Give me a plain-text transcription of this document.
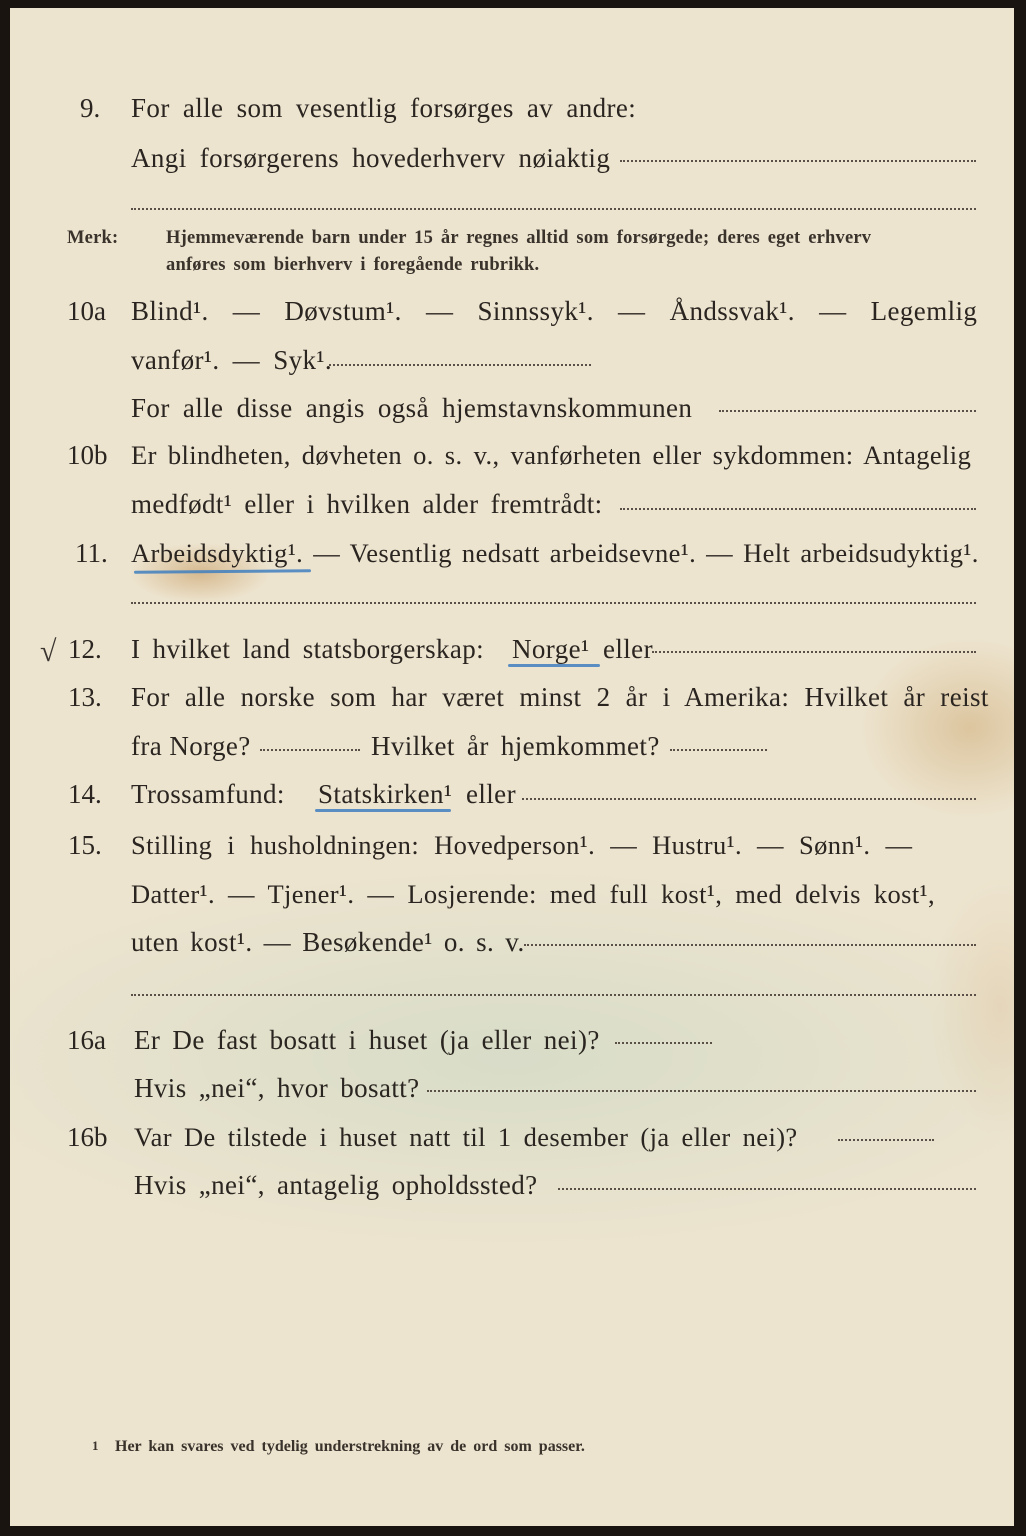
9. For alle som vesentlig forsørges av andre:
Angi forsørgerens hovederhverv nøiaktig
Merk:	Hjemmeværende barn under 15 år regnes alltid som forsørgede; deres eget erhverv
anføres som bierhverv i foregående rubrikk.
10a Blind¹. — Døvstum¹. — Sinnssyk¹. — Åndssvak¹. — Legemlig
vanfør¹. — Syk¹.
For alle disse angis også hjemstavnskommunen
10b Er blindheten, døvheten o. s. v., vanførheten eller sykdommen: Antagelig
medfødt¹ eller i hvilken alder fremtrådt:
11. Arbeidsdyktig¹. — Vesentlig nedsatt arbeidsevne¹. — Helt arbeidsudyktig¹.
√ 12. I hvilket land statsborgerskap: Norge¹ eller
13. For alle norske som har været minst 2 år i Amerika: Hvilket år reist
fra Norge?	Hvilket år hjemkommet?
14. Trossamfund: Statskirken¹ eller
15. Stilling i husholdningen: Hovedperson¹. — Hustru¹. — Sønn¹. —
Datter¹. — Tjener¹. — Losjerende: med full kost¹, med delvis kost¹,
uten kost¹. — Besøkende¹ o. s. v.
16a Er De fast bosatt i huset (ja eller nei)?
Hvis „nei“, hvor bosatt?
16b Var De tilstede i huset natt til 1 desember (ja eller nei)?
Hvis „nei“, antagelig opholdssted?
1 Her kan svares ved tydelig understrekning av de ord som passer.
